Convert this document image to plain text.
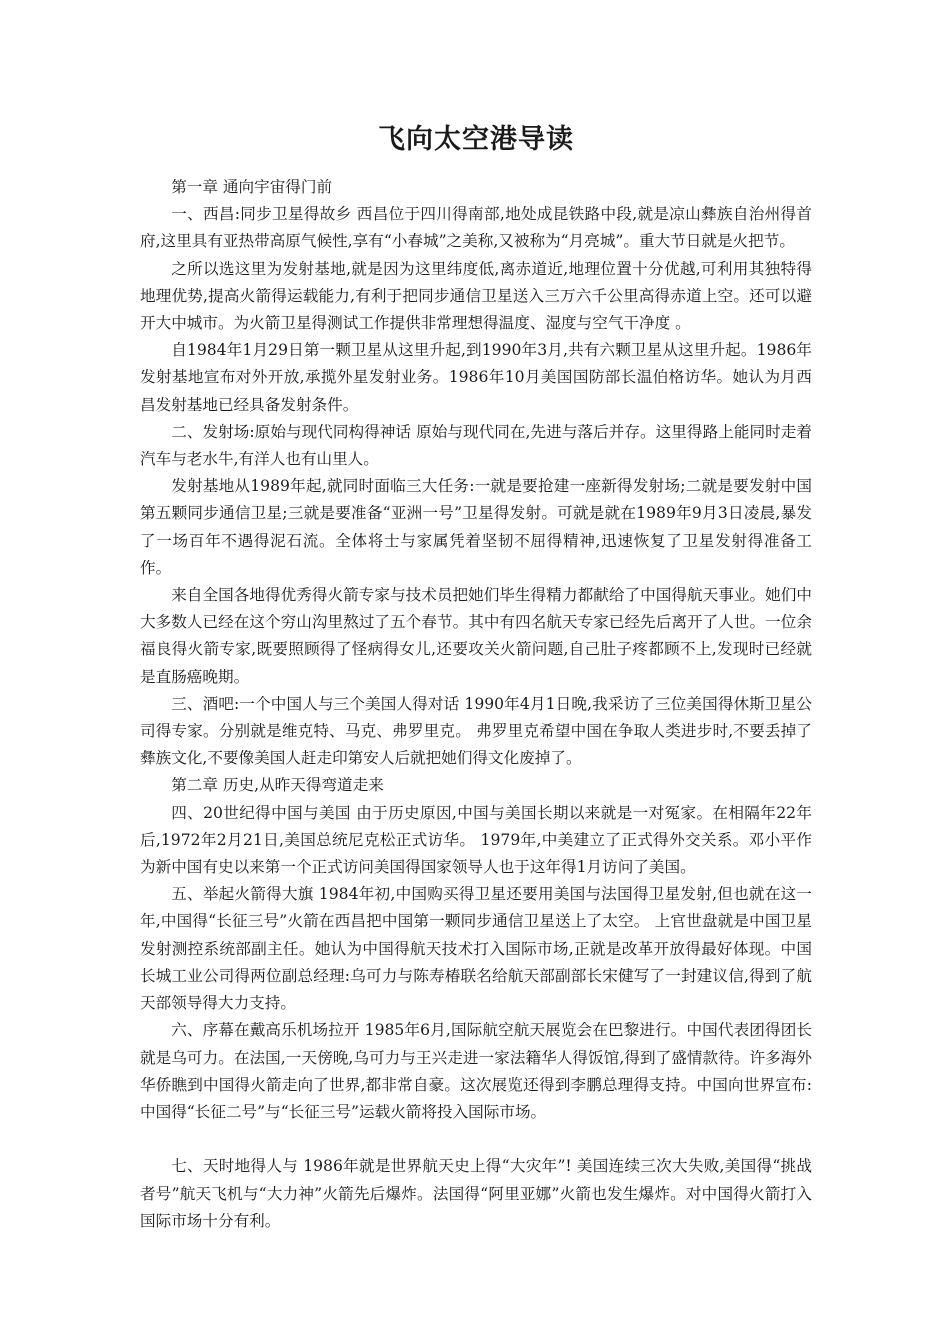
飞向太空港导读

第一章 通向宇宙得门前

一、西昌:同步卫星得故乡 西昌位于四川得南部,地处成昆铁路中段,就是凉山彝族自治州得首府,这里具有亚热带高原气候性,享有“小春城”之美称,又被称为“月亮城”。重大节日就是火把节。

之所以选这里为发射基地,就是因为这里纬度低,离赤道近,地理位置十分优越,可利用其独特得地理优势,提高火箭得运载能力,有利于把同步通信卫星送入三万六千公里高得赤道上空。还可以避开大中城市。为火箭卫星得测试工作提供非常理想得温度、湿度与空气干净度 。

自1984年1月29日第一颗卫星从这里升起,到1990年3月,共有六颗卫星从这里升起。1986年发射基地宣布对外开放,承揽外星发射业务。1986年10月美国国防部长温伯格访华。她认为月西昌发射基地已经具备发射条件。

二、发射场:原始与现代同构得神话 原始与现代同在,先进与落后并存。这里得路上能同时走着汽车与老水牛,有洋人也有山里人。

发射基地从1989年起,就同时面临三大任务:一就是要抢建一座新得发射场;二就是要发射中国第五颗同步通信卫星;三就是要准备“亚洲一号”卫星得发射。可就是就在1989年9月3日凌晨,暴发了一场百年不遇得泥石流。全体将士与家属凭着坚韧不屈得精神,迅速恢复了卫星发射得准备工作。

来自全国各地得优秀得火箭专家与技术员把她们毕生得精力都献给了中国得航天事业。她们中大多数人已经在这个穷山沟里熬过了五个春节。其中有四名航天专家已经先后离开了人世。一位余福良得火箭专家,既要照顾得了怪病得女儿,还要攻关火箭问题,自己肚子疼都顾不上,发现时已经就是直肠癌晚期。

三、酒吧:一个中国人与三个美国人得对话 1990年4月1日晚,我采访了三位美国得休斯卫星公司得专家。分别就是维克特、马克、弗罗里克。 弗罗里克希望中国在争取人类进步时,不要丢掉了彝族文化,不要像美国人赶走印第安人后就把她们得文化废掉了。

第二章 历史,从昨天得弯道走来

四、20世纪得中国与美国 由于历史原因,中国与美国长期以来就是一对冤家。在相隔年22年后,1972年2月21日,美国总统尼克松正式访华。 1979年,中美建立了正式得外交关系。邓小平作为新中国有史以来第一个正式访问美国得国家领导人也于这年得1月访问了美国。

五、举起火箭得大旗 1984年初,中国购买得卫星还要用美国与法国得卫星发射,但也就在这一年,中国得“长征三号”火箭在西昌把中国第一颗同步通信卫星送上了太空。 上官世盘就是中国卫星发射测控系统部副主任。她认为中国得航天技术打入国际市场,正就是改革开放得最好体现。中国长城工业公司得两位副总经理:乌可力与陈寿椿联名给航天部副部长宋健写了一封建议信,得到了航天部领导得大力支持。

六、序幕在戴高乐机场拉开 1985年6月,国际航空航天展览会在巴黎进行。中国代表团得团长就是乌可力。在法国,一天傍晚,乌可力与王兴走进一家法籍华人得饭馆,得到了盛情款待。许多海外华侨瞧到中国得火箭走向了世界,都非常自豪。这次展览还得到李鹏总理得支持。中国向世界宣布:中国得“长征二号”与“长征三号”运载火箭将投入国际市场。

七、天时地得人与 1986年就是世界航天史上得“大灾年”! 美国连续三次大失败,美国得“挑战者号”航天飞机与“大力神”火箭先后爆炸。法国得“阿里亚娜”火箭也发生爆炸。对中国得火箭打入国际市场十分有利。
